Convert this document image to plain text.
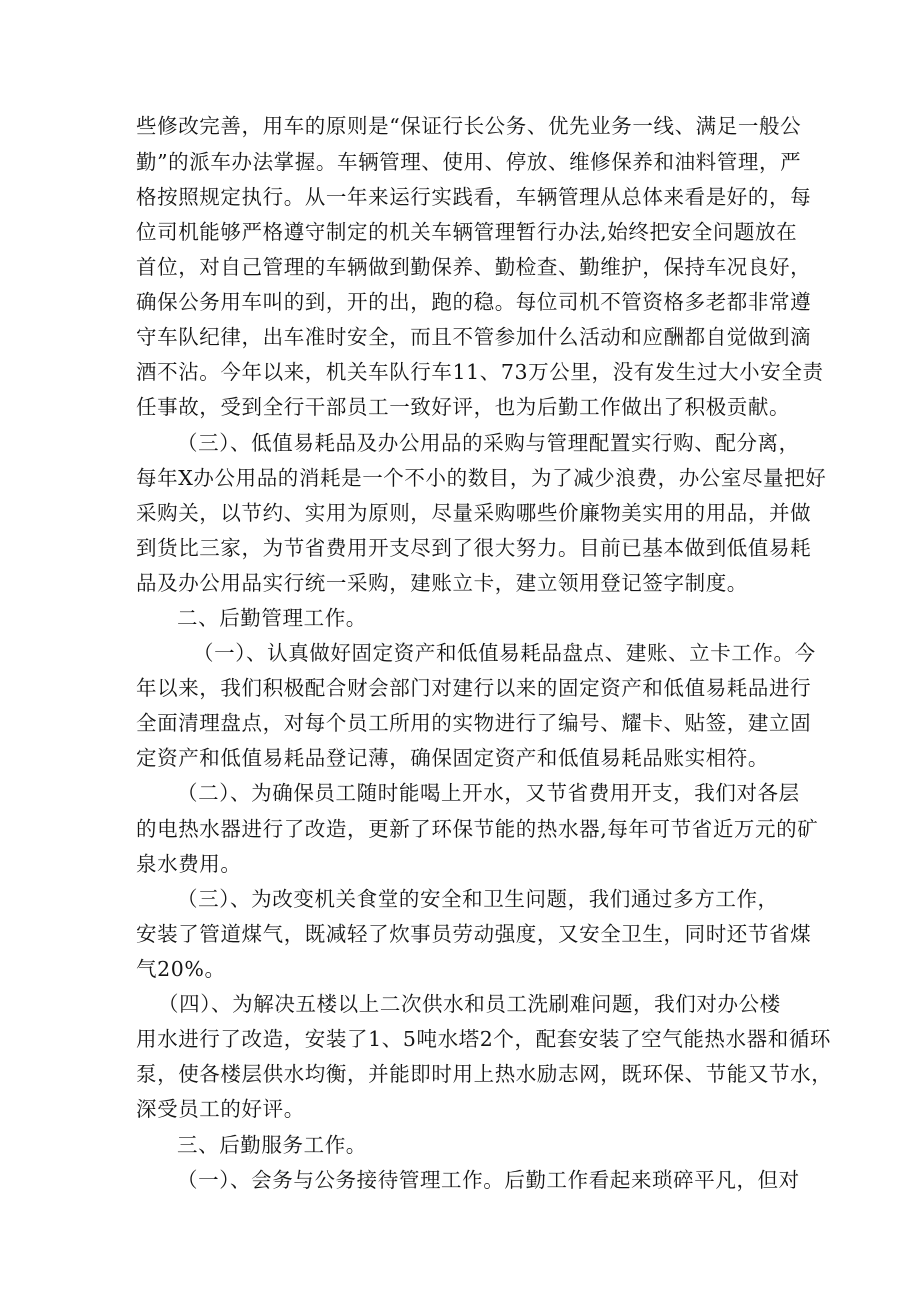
些修改完善，用车的原则是“保证行长公务、优先业务一线、满足一般公
勤”的派车办法掌握。车辆管理、使用、停放、维修保养和油料管理，严
格按照规定执行。从一年来运行实践看，车辆管理从总体来看是好的，每
位司机能够严格遵守制定的机关车辆管理暂行办法,始终把安全问题放在
首位，对自己管理的车辆做到勤保养、勤检查、勤维护，保持车况良好，
确保公务用车叫的到，开的出，跑的稳。每位司机不管资格多老都非常遵
守车队纪律，出车准时安全，而且不管参加什么活动和应酬都自觉做到滴
酒不沾。今年以来，机关车队行车11、73万公里，没有发生过大小安全责
任事故，受到全行干部员工一致好评，也为后勤工作做出了积极贡献。
（三）、低值易耗品及办公用品的采购与管理配置实行购、配分离，
每年X办公用品的消耗是一个不小的数目，为了减少浪费，办公室尽量把好
采购关，以节约、实用为原则，尽量采购哪些价廉物美实用的用品，并做
到货比三家，为节省费用开支尽到了很大努力。目前已基本做到低值易耗
品及办公用品实行统一采购，建账立卡，建立领用登记签字制度。
二、后勤管理工作。
（一）、认真做好固定资产和低值易耗品盘点、建账、立卡工作。今
年以来，我们积极配合财会部门对建行以来的固定资产和低值易耗品进行
全面清理盘点，对每个员工所用的实物进行了编号、耀卡、贴签，建立固
定资产和低值易耗品登记薄，确保固定资产和低值易耗品账实相符。
（二）、为确保员工随时能喝上开水，又节省费用开支，我们对各层
的电热水器进行了改造，更新了环保节能的热水器,每年可节省近万元的矿
泉水费用。
（三）、为改变机关食堂的安全和卫生问题，我们通过多方工作，
安装了管道煤气，既减轻了炊事员劳动强度，又安全卫生，同时还节省煤
气20%。
（四）、为解决五楼以上二次供水和员工洗刷难问题，我们对办公楼
用水进行了改造，安装了1、5吨水塔2个，配套安装了空气能热水器和循环
泵，使各楼层供水均衡，并能即时用上热水励志网，既环保、节能又节水，
深受员工的好评。
三、后勤服务工作。
（一）、会务与公务接待管理工作。后勤工作看起来琐碎平凡，但对
